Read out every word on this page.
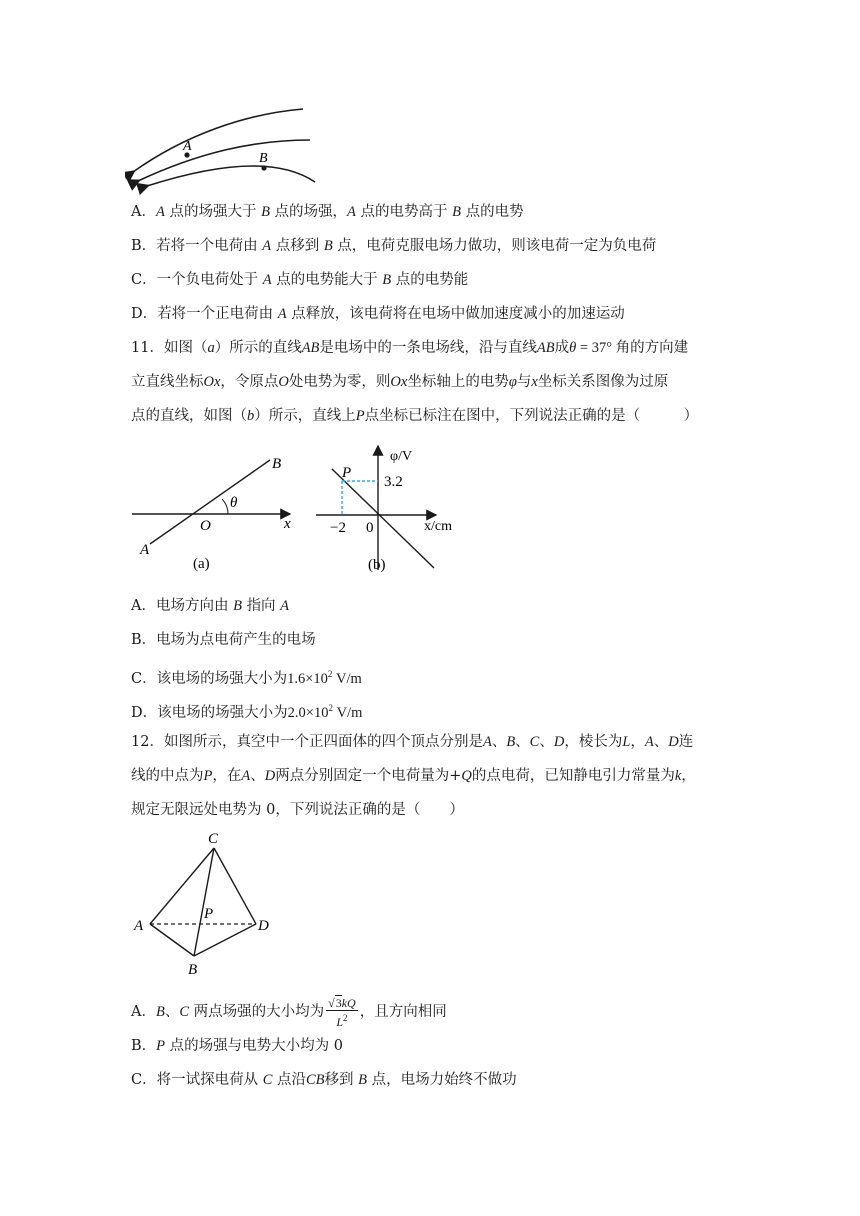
A
B
A．A 点的场强大于 B 点的场强，A 点的电势高于 B 点的电势
B．若将一个电荷由 A 点移到 B 点，电荷克服电场力做功，则该电荷一定为负电荷
C．一个负电荷处于 A 点的电势能大于 B 点的电势能
D．若将一个正电荷由 A 点释放，该电荷将在电场中做加速度减小的加速运动
11．如图（a）所示的直线AB是电场中的一条电场线，沿与直线AB成θ = 37° 角的方向建
立直线坐标Ox，令原点O处电势为零，则Ox坐标轴上的电势φ与x坐标关系图像为过原
点的直线，如图（b）所示，直线上P点坐标已标注在图中，下列说法正确的是（　　　）
B
A
O
θ
x
(a)
P
φ/V
3.2
−2 0	x/cm
(b)
A．电场方向由 B 指向 A
B．电场为点电荷产生的电场
C．该电场的场强大小为$1.6\times 10^2$ V/m
D．该电场的场强大小为$2.0\times 10^2$ V/m
12．如图所示，真空中一个正四面体的四个顶点分别是A、B、C、D，棱长为L，A、D连
线的中点为P，在A、D两点分别固定一个电荷量为+Q的点电荷，已知静电引力常量为k，
规定无限远处电势为 0，下列说法正确的是（　　）
C
A
P
D
B
A．B、C 两点场强的大小均为 $\frac{√3kQ}{L^2}$ ，且方向相同
B．P 点的场强与电势大小均为 0
C．将一试探电荷从 C 点沿CB移到 B 点，电场力始终不做功
